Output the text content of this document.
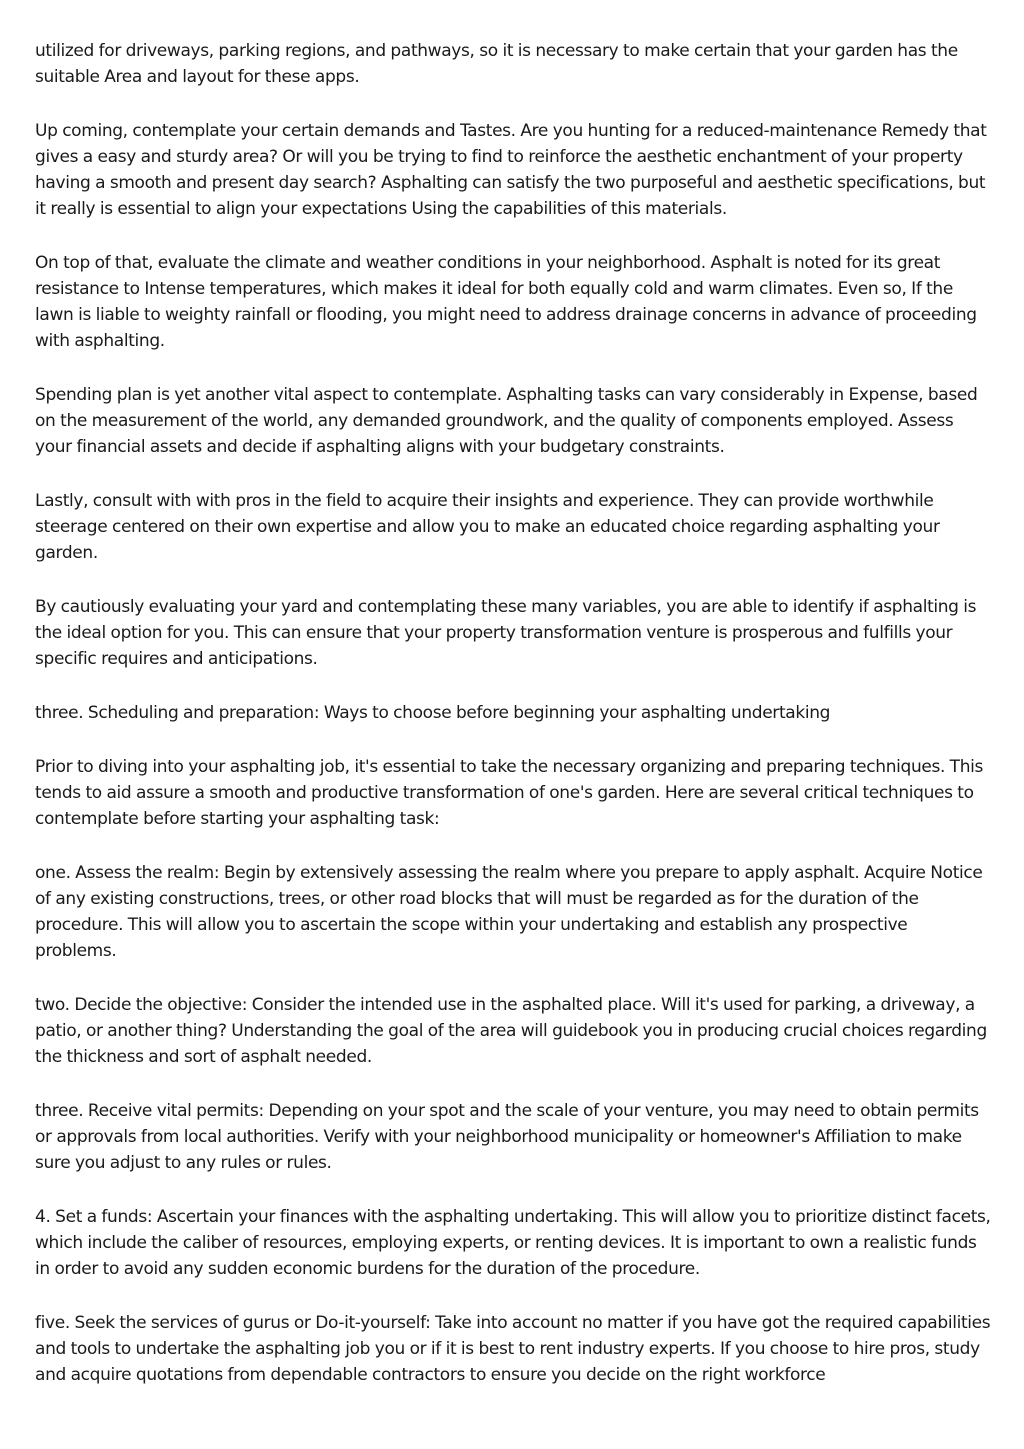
utilized for driveways, parking regions, and pathways, so it is necessary to make certain that your garden has the suitable Area and layout for these apps.

Up coming, contemplate your certain demands and Tastes. Are you hunting for a reduced-maintenance Remedy that gives a easy and sturdy area? Or will you be trying to find to reinforce the aesthetic enchantment of your property having a smooth and present day search? Asphalting can satisfy the two purposeful and aesthetic specifications, but it really is essential to align your expectations Using the capabilities of this materials.

On top of that, evaluate the climate and weather conditions in your neighborhood. Asphalt is noted for its great resistance to Intense temperatures, which makes it ideal for both equally cold and warm climates. Even so, If the lawn is liable to weighty rainfall or flooding, you might need to address drainage concerns in advance of proceeding with asphalting.

Spending plan is yet another vital aspect to contemplate. Asphalting tasks can vary considerably in Expense, based on the measurement of the world, any demanded groundwork, and the quality of components employed. Assess your financial assets and decide if asphalting aligns with your budgetary constraints.

Lastly, consult with with pros in the field to acquire their insights and experience. They can provide worthwhile steerage centered on their own expertise and allow you to make an educated choice regarding asphalting your garden.

By cautiously evaluating your yard and contemplating these many variables, you are able to identify if asphalting is the ideal option for you. This can ensure that your property transformation venture is prosperous and fulfills your specific requires and anticipations.

three. Scheduling and preparation: Ways to choose before beginning your asphalting undertaking

Prior to diving into your asphalting job, it's essential to take the necessary organizing and preparing techniques. This tends to aid assure a smooth and productive transformation of one's garden. Here are several critical techniques to contemplate before starting your asphalting task:

one. Assess the realm: Begin by extensively assessing the realm where you prepare to apply asphalt. Acquire Notice of any existing constructions, trees, or other road blocks that will must be regarded as for the duration of the procedure. This will allow you to ascertain the scope within your undertaking and establish any prospective problems.

two. Decide the objective: Consider the intended use in the asphalted place. Will it's used for parking, a driveway, a patio, or another thing? Understanding the goal of the area will guidebook you in producing crucial choices regarding the thickness and sort of asphalt needed.

three. Receive vital permits: Depending on your spot and the scale of your venture, you may need to obtain permits or approvals from local authorities. Verify with your neighborhood municipality or homeowner's Affiliation to make sure you adjust to any rules or rules.

4. Set a funds: Ascertain your finances with the asphalting undertaking. This will allow you to prioritize distinct facets, which include the caliber of resources, employing experts, or renting devices. It is important to own a realistic funds in order to avoid any sudden economic burdens for the duration of the procedure.

five. Seek the services of gurus or Do-it-yourself: Take into account no matter if you have got the required capabilities and tools to undertake the asphalting job you or if it is best to rent industry experts. If you choose to hire pros, study and acquire quotations from dependable contractors to ensure you decide on the right workforce
